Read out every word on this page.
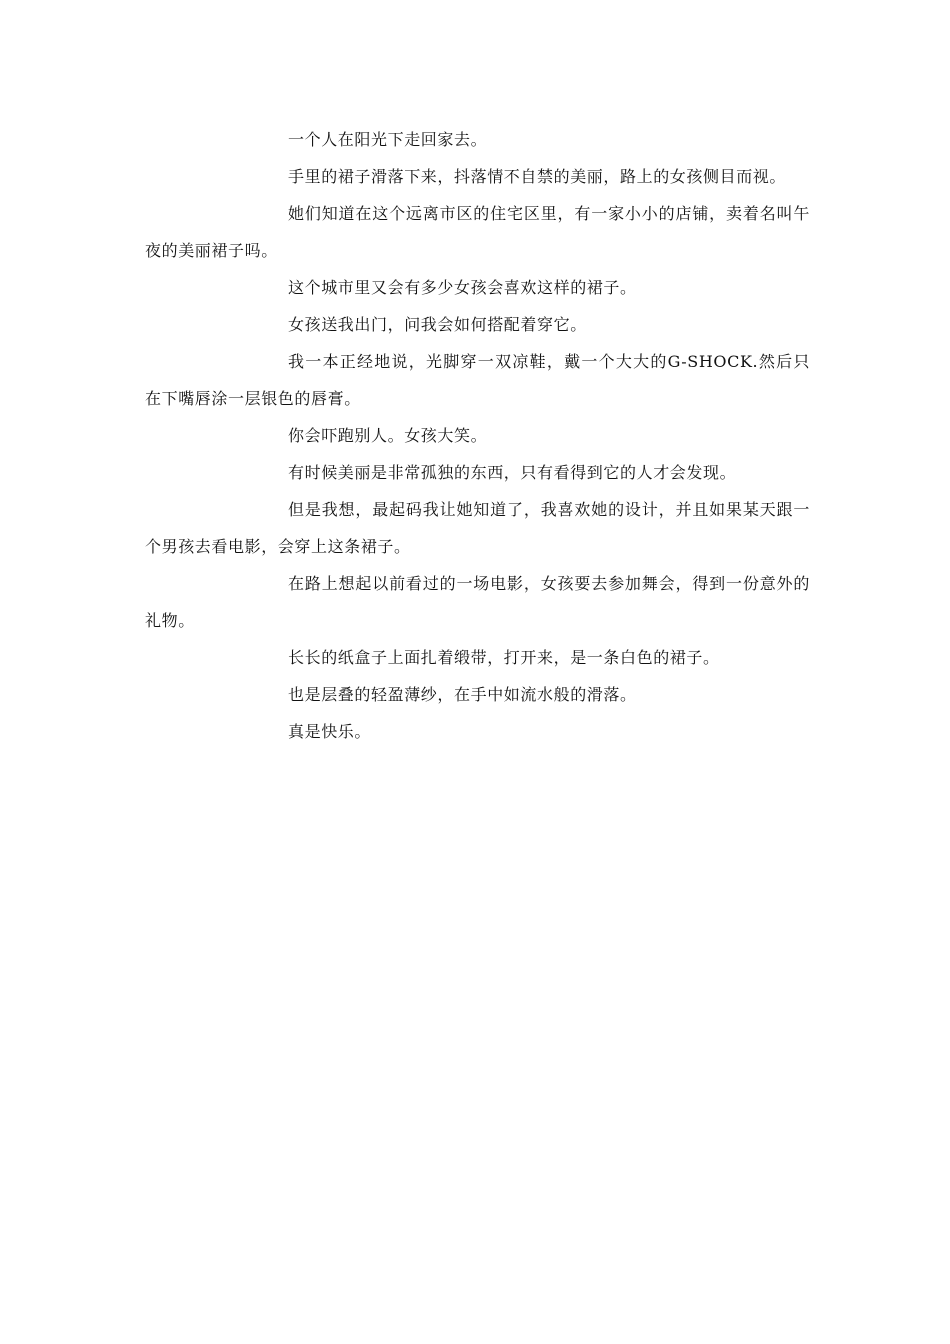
一个人在阳光下走回家去。

手里的裙子滑落下来，抖落情不自禁的美丽，路上的女孩侧目而视。

她们知道在这个远离市区的住宅区里，有一家小小的店铺，卖着名叫午夜的美丽裙子吗。

这个城市里又会有多少女孩会喜欢这样的裙子。

女孩送我出门，问我会如何搭配着穿它。

我一本正经地说，光脚穿一双凉鞋，戴一个大大的G-SHOCK.然后只在下嘴唇涂一层银色的唇膏。

你会吓跑别人。女孩大笑。

有时候美丽是非常孤独的东西，只有看得到它的人才会发现。

但是我想，最起码我让她知道了，我喜欢她的设计，并且如果某天跟一个男孩去看电影，会穿上这条裙子。

在路上想起以前看过的一场电影，女孩要去参加舞会，得到一份意外的礼物。

长长的纸盒子上面扎着缎带，打开来，是一条白色的裙子。

也是层叠的轻盈薄纱，在手中如流水般的滑落。

真是快乐。
